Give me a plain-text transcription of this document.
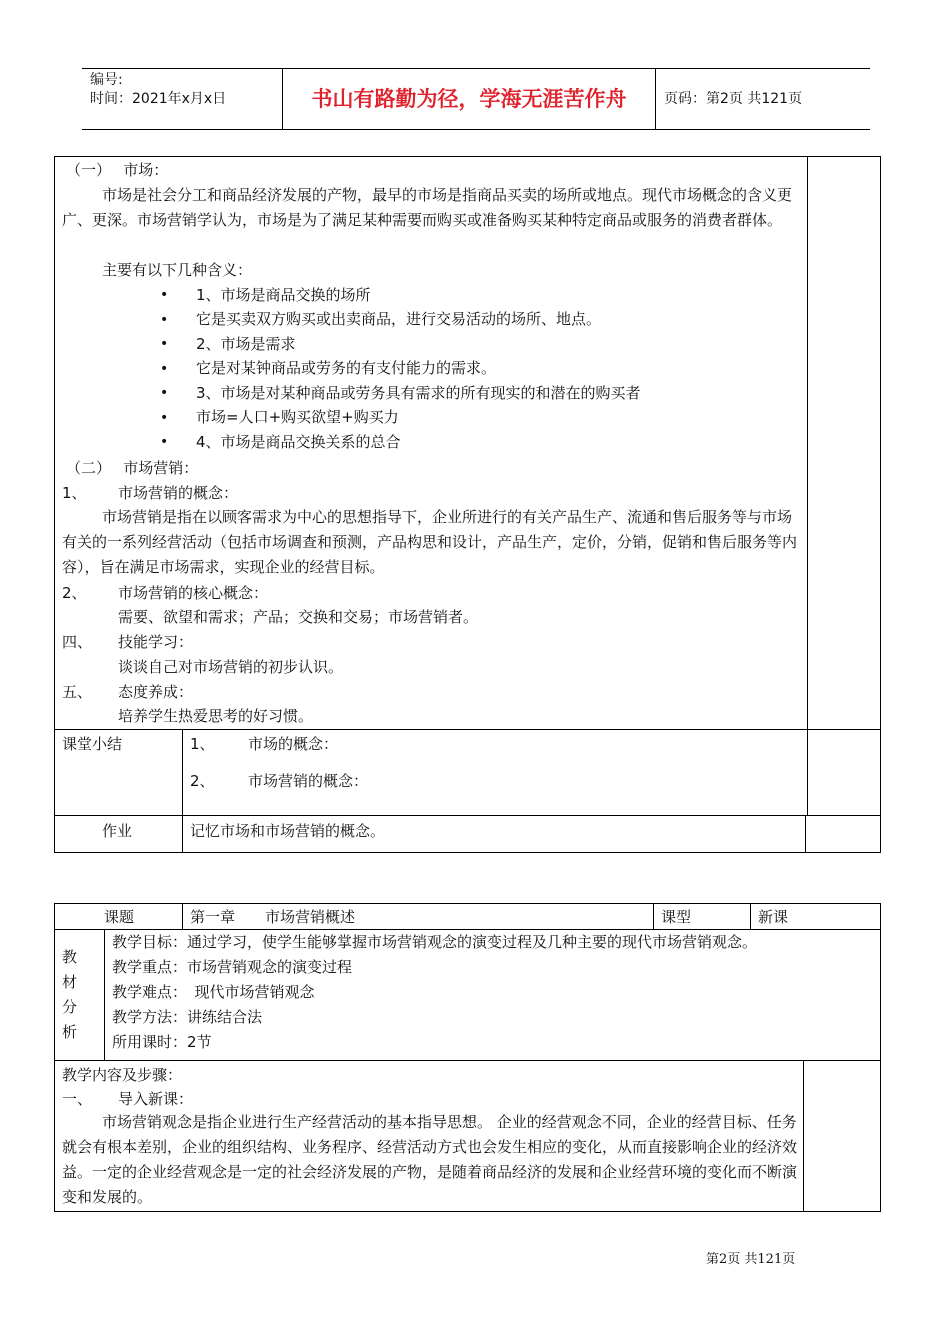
编号:
时间：2021年x月x日	书山有路勤为径，学海无涯苦作舟	页码：第2页 共121页
（一）　 市场：
市场是社会分工和商品经济发展的产物，最早的市场是指商品买卖的场所或地点。现代市场概念的含义更广、更深。市场营销学认为，市场是为了满足某种需要而购买或准备购买某种特定商品或服务的消费者群体。
主要有以下几种含义：
• 1、市场是商品交换的场所
• 它是买卖双方购买或出卖商品，进行交易活动的场所、地点。
• 2、市场是需求
• 它是对某钟商品或劳务的有支付能力的需求。
• 3、市场是对某种商品或劳务具有需求的所有现实的和潜在的购买者
• 市场=人口+购买欲望+购买力
• 4、市场是商品交换关系的总合
（二）　 市场营销：
1、 市场营销的概念：
市场营销是指在以顾客需求为中心的思想指导下，企业所进行的有关产品生产、流通和售后服务等与市场有关的一系列经营活动（包括市场调查和预测，产品构思和设计，产品生产，定价，分销，促销和售后服务等内容），旨在满足市场需求，实现企业的经营目标。
2、 市场营销的核心概念：
需要、欲望和需求；产品；交换和交易；市场营销者。
四、 技能学习：
谈谈自己对市场营销的初步认识。
五、 态度养成：
培养学生热爱思考的好习惯。
课堂小结	1、 市场的概念：
2、 市场营销的概念：
作业	记忆市场和市场营销的概念。
课题	第一章　　市场营销概述	课型	新课
教
材
分
析
教学目标：通过学习，使学生能够掌握市场营销观念的演变过程及几种主要的现代市场营销观念。
教学重点：市场营销观念的演变过程
教学难点：　现代市场营销观念
教学方法：讲练结合法
所用课时：2节
教学内容及步骤：
一、 导入新课：
市场营销观念是指企业进行生产经营活动的基本指导思想。 企业的经营观念不同，企业的经营目标、任务就会有根本差别，企业的组织结构、业务程序、经营活动方式也会发生相应的变化，从而直接影响企业的经济效益。一定的企业经营观念是一定的社会经济发展的产物，是随着商品经济的发展和企业经营环境的变化而不断演变和发展的。
第2页 共121页
